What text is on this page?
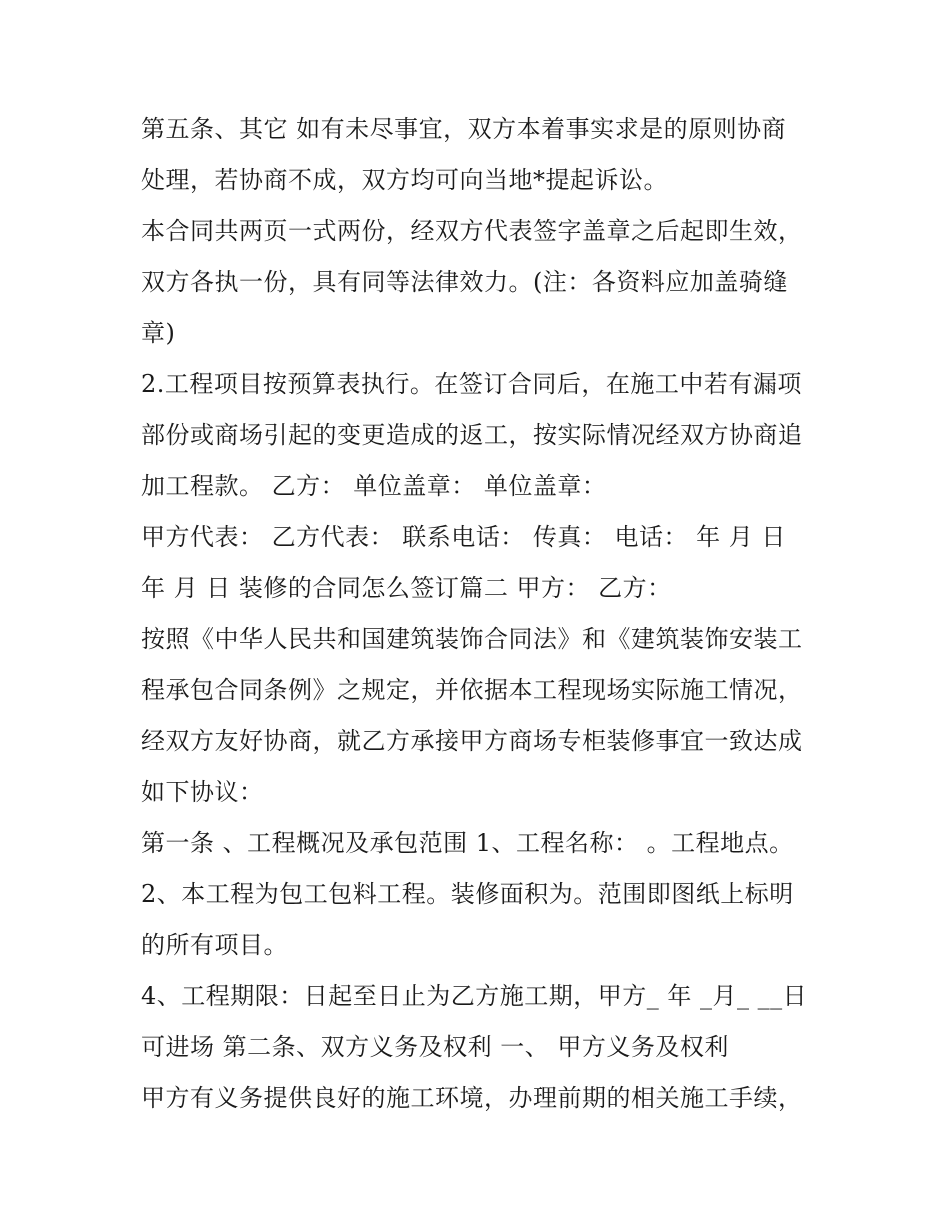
第五条、其它 如有未尽事宜，双方本着事实求是的原则协商
处理，若协商不成，双方均可向当地*提起诉讼。
本合同共两页一式两份，经双方代表签字盖章之后起即生效，
双方各执一份，具有同等法律效力。(注：各资料应加盖骑缝
章)
2.工程项目按预算表执行。在签订合同后，在施工中若有漏项
部份或商场引起的变更造成的返工，按实际情况经双方协商追
加工程款。 乙方： 单位盖章： 单位盖章：
甲方代表： 乙方代表： 联系电话： 传真： 电话： 年 月 日
年 月 日 装修的合同怎么签订篇二 甲方： 乙方：
按照《中华人民共和国建筑装饰合同法》和《建筑装饰安装工
程承包合同条例》之规定，并依据本工程现场实际施工情况，
经双方友好协商，就乙方承接甲方商场专柜装修事宜一致达成
如下协议：
第一条 、工程概况及承包范围 1、工程名称： 。工程地点。
2、本工程为包工包料工程。装修面积为。范围即图纸上标明
的所有项目。
4、工程期限：日起至日止为乙方施工期，甲方_ 年 _月_ __日
可进场 第二条、双方义务及权利 一、 甲方义务及权利
甲方有义务提供良好的施工环境，办理前期的相关施工手续，
